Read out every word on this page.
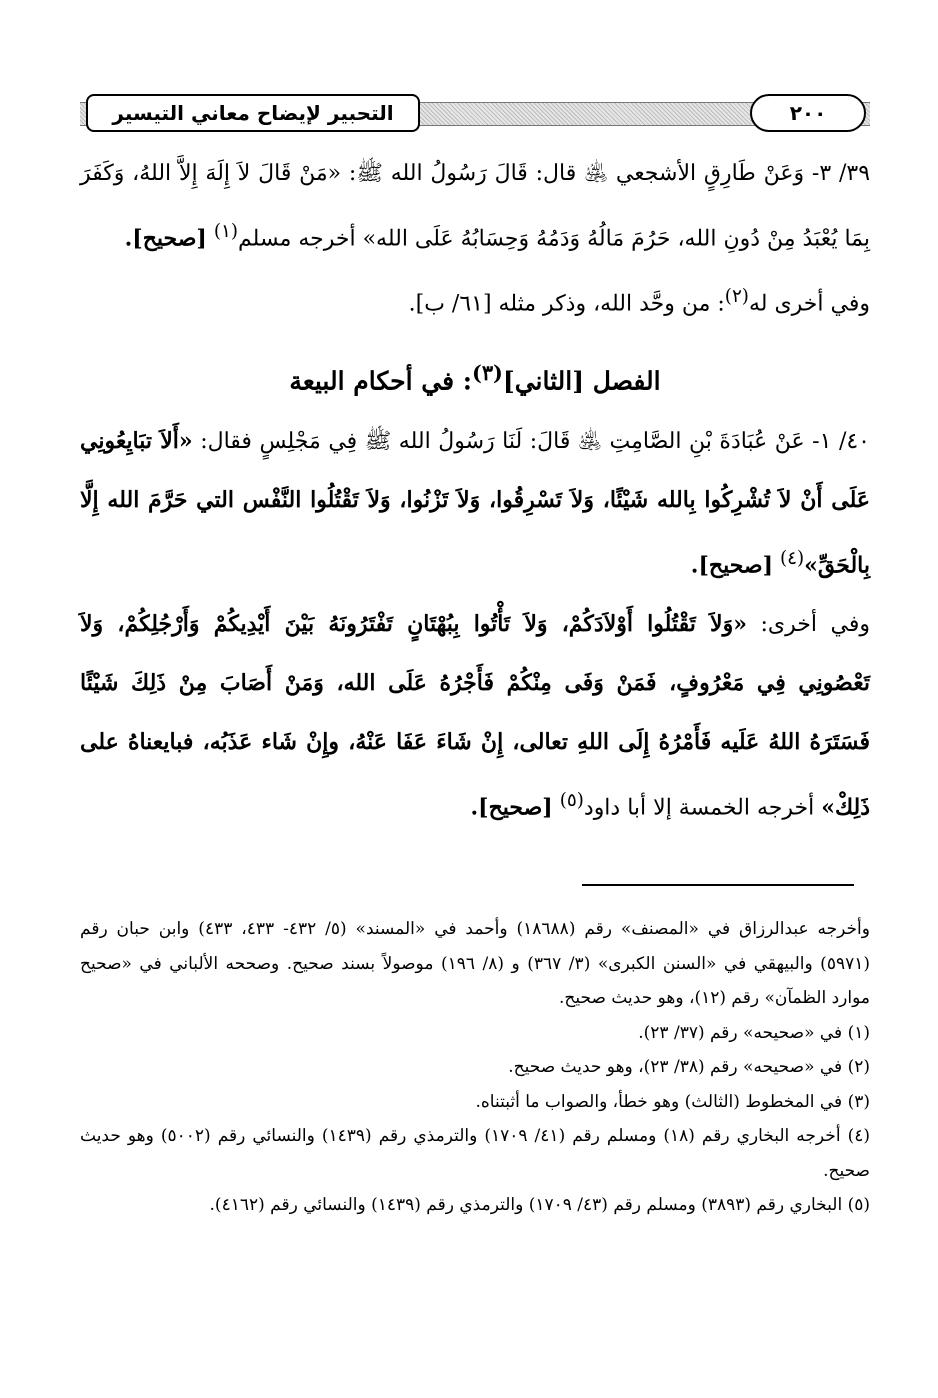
التحبير لإيضاح معاني التيسير	٢٠٠

٣٩/ ٣- وَعَنْ طَارِقٍ الأشجعي ﵁ قال: قَالَ رَسُولُ الله ﷺ: «مَنْ قَالَ لاَ إِلَهَ إِلاَّ اللهُ، وَكَفَرَ بِمَا يُعْبَدُ مِنْ دُونِ الله، حَرُمَ مَالُهُ وَدَمُهُ وَحِسَابُهُ عَلَى الله» أخرجه مسلم$^{(١)}$ [صحيح].

وفي أخرى له$^{(٢)}$: من وحَّد الله، وذكر مثله [٦١/ ب].

الفصل [الثاني]$^{(٣)}$: في أحكام البيعة

٤٠/ ١- عَنْ عُبَادَةَ بْنِ الصَّامِتِ ﵁ قَالَ: لَنَا رَسُولُ الله ﷺ فِي مَجْلِسٍ فقال: «أَلاَ تبَايِعُونِي عَلَى أَنْ لاَ تُشْرِكُوا بِالله شَيْئًا، وَلاَ تَسْرِقُوا، وَلاَ تَزْنُوا، وَلاَ تَقْتُلُوا النَّفْس التي حَرَّمَ الله إِلَّا بِالْحَقِّ»$^{(٤)}$ [صحيح].

وفي أخرى: «وَلاَ تَقْتُلُوا أَوْلاَدَكُمْ، وَلاَ تَأْتُوا بِبُهْتَانٍ تَفْتَرُونَهُ بَيْنَ أَيْدِيكُمْ وَأَرْجُلِكُمْ، وَلاَ تَعْصُونِي فِي مَعْرُوفٍ، فَمَنْ وَفَى مِنْكُمْ فَأَجْرُهُ عَلَى الله، وَمَنْ أَصَابَ مِنْ ذَلِكَ شَيْئًا فَسَتَرَهُ اللهُ عَلَيه فَأَمْرُهُ إِلَى اللهِ تعالى، إِنْ شَاءَ عَفَا عَنْهُ، وإِنْ شَاء عَذَبُه، فبايعناهُ على ذَلِكْ» أخرجه الخمسة إلا أبا داود$^{(٥)}$ [صحيح].

وأخرجه عبدالرزاق في «المصنف» رقم (١٨٦٨٨) وأحمد في «المسند» (٥/ ٤٣٢- ٤٣٣، ٤٣٣) وابن حبان رقم (٥٩٧١) والبيهقي في «السنن الكبرى» (٣/ ٣٦٧) و (٨/ ١٩٦) موصولاً بسند صحيح. وصححه الألباني في «صحيح موارد الظمآن» رقم (١٢)، وهو حديث صحيح.

(١) في «صحيحه» رقم (٣٧/ ٢٣).

(٢) في «صحيحه» رقم (٣٨/ ٢٣)، وهو حديث صحيح.

(٣) في المخطوط (الثالث) وهو خطأ، والصواب ما أثبتناه.

(٤) أخرجه البخاري رقم (١٨) ومسلم رقم (٤١/ ١٧٠٩) والترمذي رقم (١٤٣٩) والنسائي رقم (٥٠٠٢) وهو حديث صحيح.

(٥) البخاري رقم (٣٨٩٣) ومسلم رقم (٤٣/ ١٧٠٩) والترمذي رقم (١٤٣٩) والنسائي رقم (٤١٦٢).
